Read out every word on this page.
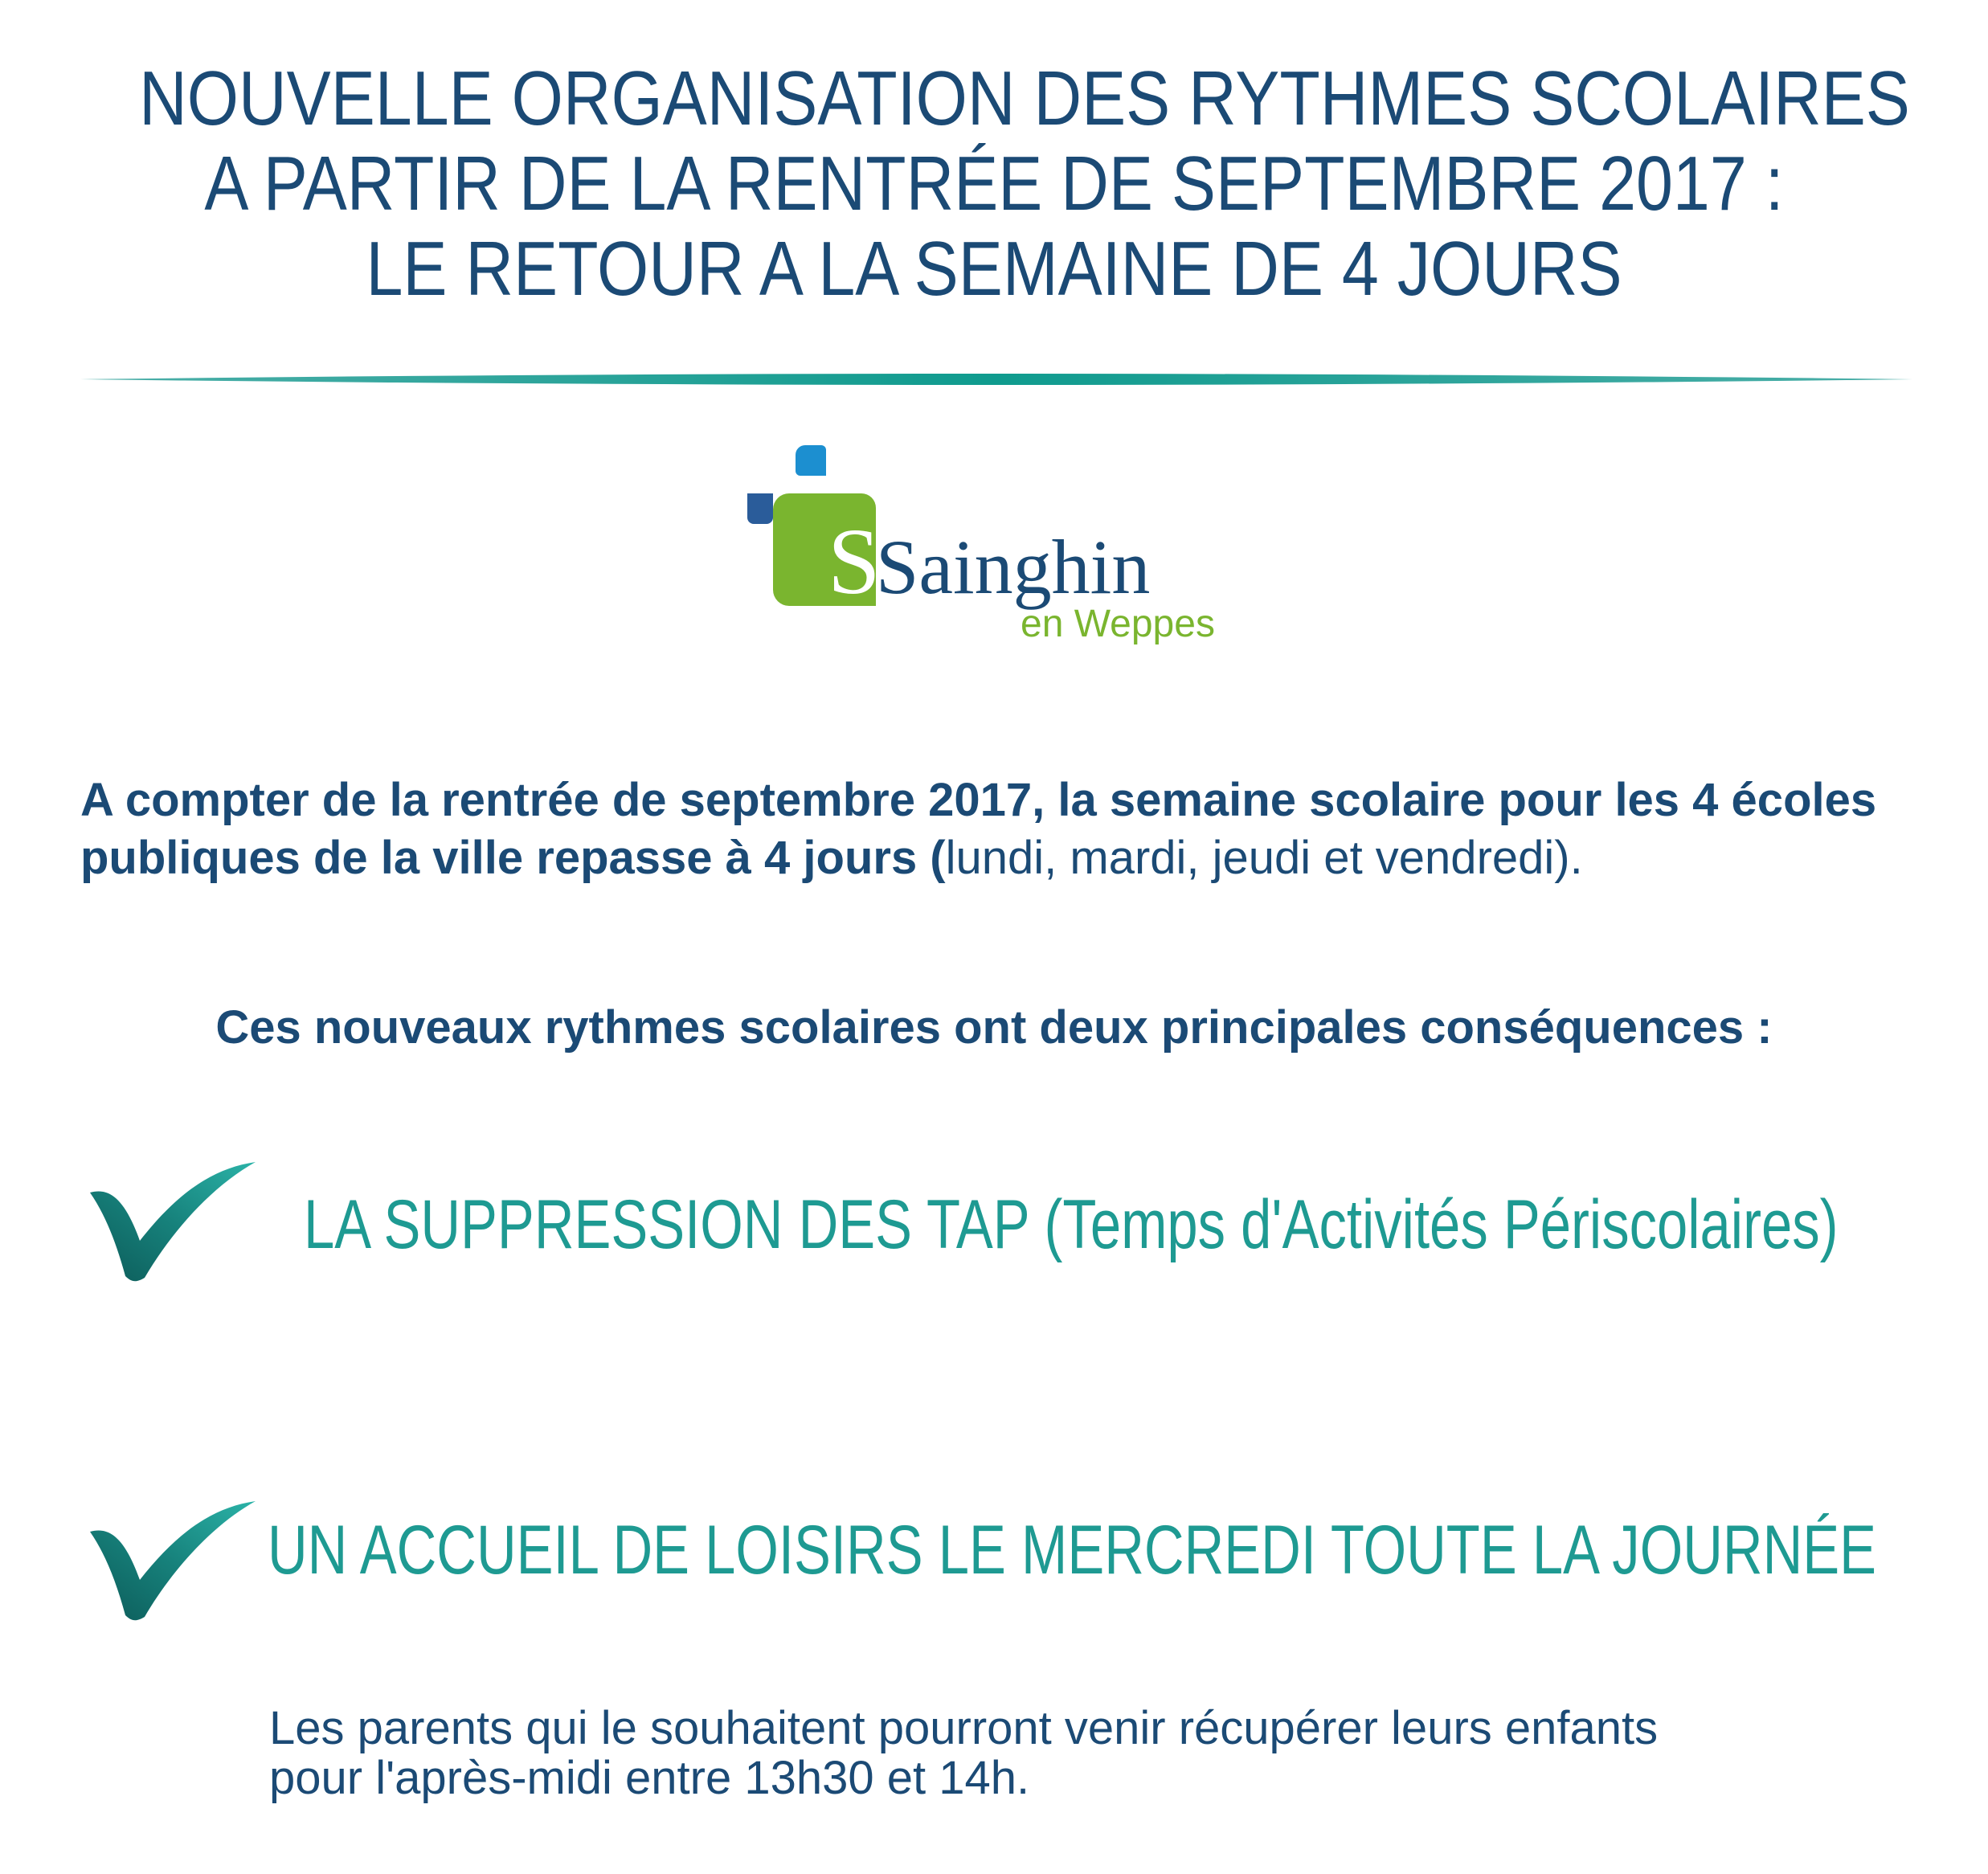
NOUVELLE ORGANISATION DES RYTHMES SCOLAIRES
A PARTIR DE LA RENTRÉE DE SEPTEMBRE 2017 :
LE RETOUR A LA SEMAINE DE 4 JOURS
S
Sainghin
en Weppes
A compter de la rentrée de septembre 2017, la semaine scolaire pour les 4 écoles publiques de la ville repasse à 4 jours (lundi, mardi, jeudi et vendredi).
Ces nouveaux rythmes scolaires ont deux principales conséquences :
LA SUPPRESSION DES TAP (Temps d'Activités Périscolaires)
UN ACCUEIL DE LOISIRS LE MERCREDI TOUTE LA JOURNÉE
Les parents qui le souhaitent pourront venir récupérer leurs enfants
pour l'après-midi entre 13h30 et 14h.
